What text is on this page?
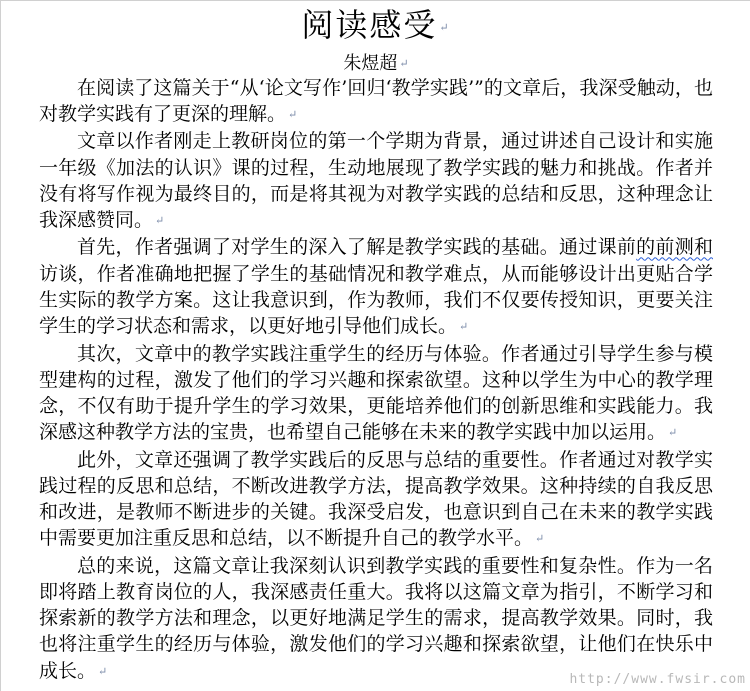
阅读感受 ↵
朱煜超 ↵

在阅读了这篇关于“从‘论文写作’回归‘教学实践’”的文章后，我深受触动，也对教学实践有了更深的理解。 ↵

文章以作者刚走上教研岗位的第一个学期为背景，通过讲述自己设计和实施一年级《加法的认识》课的过程，生动地展现了教学实践的魅力和挑战。作者并没有将写作视为最终目的，而是将其视为对教学实践的总结和反思，这种理念让我深感赞同。 ↵

首先，作者强调了对学生的深入了解是教学实践的基础。通过课前的前测和访谈，作者准确地把握了学生的基础情况和教学难点，从而能够设计出更贴合学生实际的教学方案。这让我意识到，作为教师，我们不仅要传授知识，更要关注学生的学习状态和需求，以更好地引导他们成长。 ↵

其次，文章中的教学实践注重学生的经历与体验。作者通过引导学生参与模型建构的过程，激发了他们的学习兴趣和探索欲望。这种以学生为中心的教学理念，不仅有助于提升学生的学习效果，更能培养他们的创新思维和实践能力。我深感这种教学方法的宝贵，也希望自己能够在未来的教学实践中加以运用。 ↵

此外，文章还强调了教学实践后的反思与总结的重要性。作者通过对教学实践过程的反思和总结，不断改进教学方法，提高教学效果。这种持续的自我反思和改进，是教师不断进步的关键。我深受启发，也意识到自己在未来的教学实践中需要更加注重反思和总结，以不断提升自己的教学水平。 ↵

总的来说，这篇文章让我深刻认识到教学实践的重要性和复杂性。作为一名即将踏上教育岗位的人，我深感责任重大。我将以这篇文章为指引，不断学习和探索新的教学方法和理念，以更好地满足学生的需求，提高教学效果。同时，我也将注重学生的经历与体验，激发他们的学习兴趣和探索欲望，让他们在快乐中成长。 ↵

http://www.fwsir.com
